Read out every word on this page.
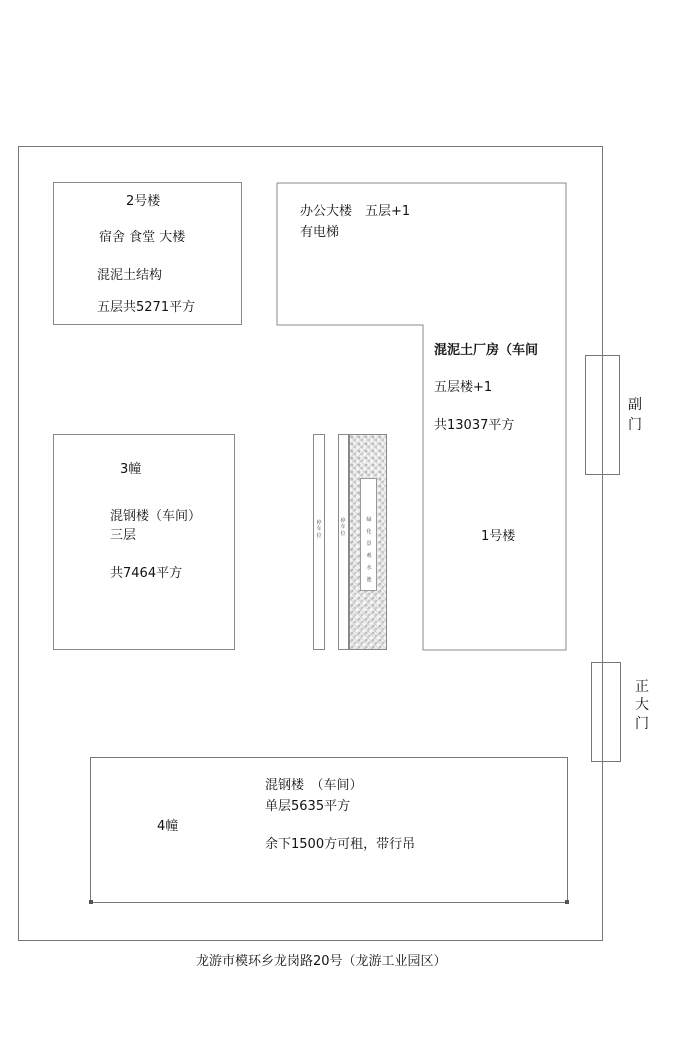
2号楼
宿舍 食堂 大楼
混泥土结构
五层共5271平方
办公大楼　五层+1
有电梯
混泥土厂房（车间
五层楼+1
共13037平方
1号楼
3幢
混钢楼（车间）
三层
共7464平方
停车位
停车位
绿化景观水池
副
门
正
大
门
混钢楼　（车间）
单层5635平方
4幢
余下1500方可租，带行吊
龙游市模环乡龙岗路20号（龙游工业园区）
